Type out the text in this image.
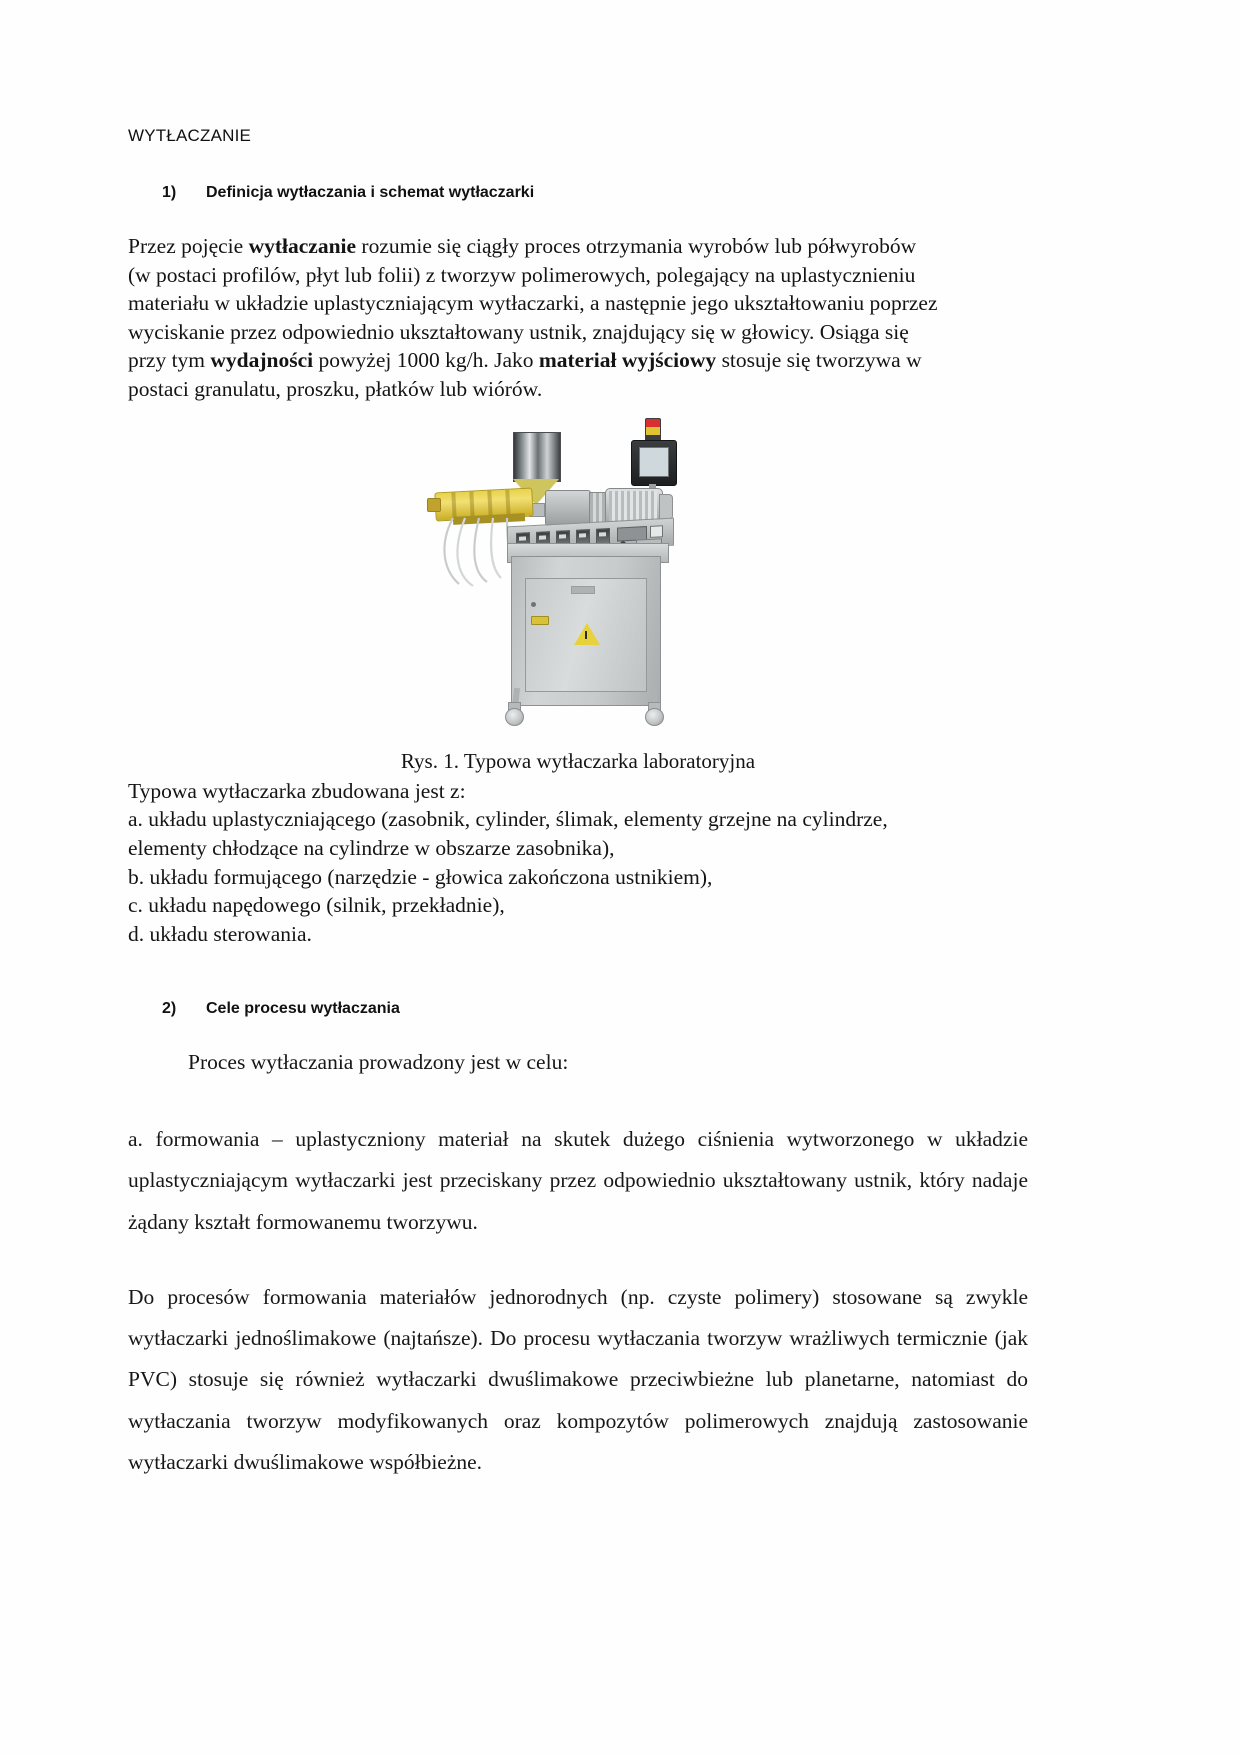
WYTŁACZANIE
1)	Definicja wytłaczania i schemat wytłaczarki
Przez pojęcie wytłaczanie rozumie się ciągły proces otrzymania wyrobów lub półwyrobów
(w postaci profilów, płyt lub folii) z tworzyw polimerowych, polegający na uplastycznieniu
materiału w układzie uplastyczniającym wytłaczarki, a następnie jego ukształtowaniu poprzez
wyciskanie przez odpowiednio ukształtowany ustnik, znajdujący się w głowicy. Osiąga się
przy tym wydajności powyżej 1000 kg/h. Jako materiał wyjściowy stosuje się tworzywa w
postaci granulatu, proszku, płatków lub wiórów.
Rys. 1. Typowa wytłaczarka laboratoryjna
Typowa wytłaczarka zbudowana jest z:
a. układu uplastyczniającego (zasobnik, cylinder, ślimak, elementy grzejne na cylindrze,
elementy chłodzące na cylindrze w obszarze zasobnika),
b. układu formującego (narzędzie - głowica zakończona ustnikiem),
c. układu napędowego (silnik, przekładnie),
d. układu sterowania.
2)	Cele procesu wytłaczania
Proces wytłaczania prowadzony jest w celu:
a. formowania – uplastyczniony materiał na skutek dużego ciśnienia wytworzonego w układzie uplastyczniającym wytłaczarki jest przeciskany przez odpowiednio ukształtowany ustnik, który nadaje żądany kształt formowanemu tworzywu.
Do procesów formowania materiałów jednorodnych (np. czyste polimery) stosowane są zwykle wytłaczarki jednoślimakowe (najtańsze). Do procesu wytłaczania tworzyw wrażliwych termicznie (jak PVC) stosuje się również wytłaczarki dwuślimakowe przeciwbieżne lub planetarne, natomiast do wytłaczania tworzyw modyfikowanych oraz kompozytów polimerowych znajdują zastosowanie wytłaczarki dwuślimakowe współbieżne.
